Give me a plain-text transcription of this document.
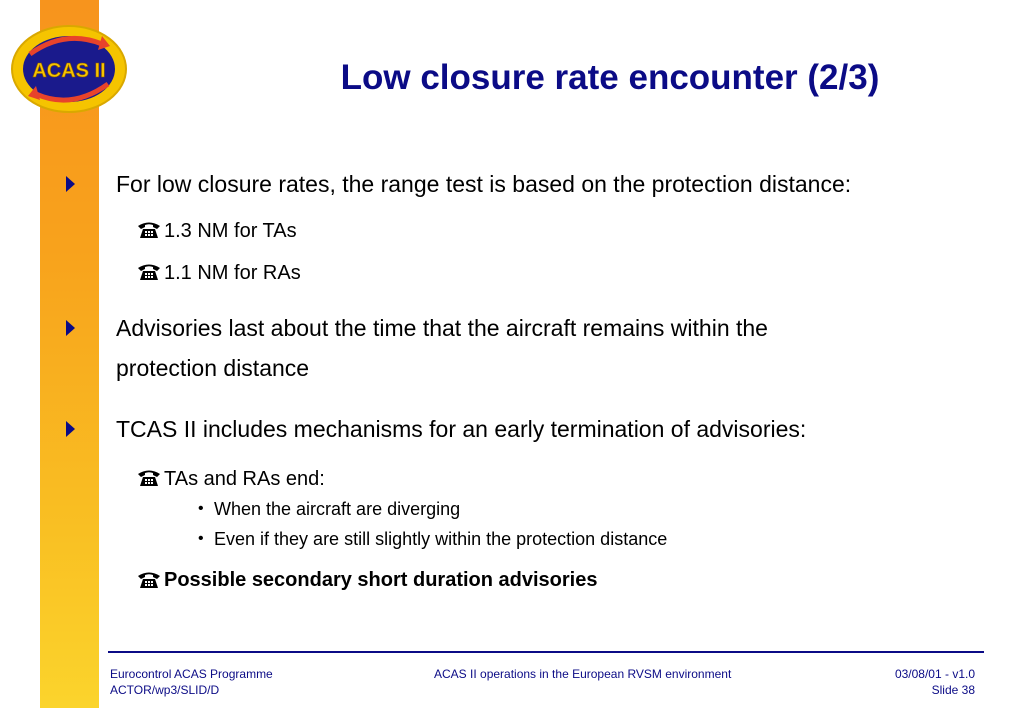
ACAS II	Low closure rate encounter (2/3)
For low closure rates, the range test is based on the protection distance:
1.3 NM for TAs
1.1 NM for RAs
Advisories last about the time that the aircraft remains within the
protection distance
TCAS II includes mechanisms for an early termination of advisories:
TAs and RAs end:
• When the aircraft are diverging
• Even if they are still slightly within the protection distance
Possible secondary short duration advisories
Eurocontrol ACAS Programme
ACTOR/wp3/SLID/D
ACAS II operations in the European RVSM environment	03/08/01 - v1.0
Slide 38
